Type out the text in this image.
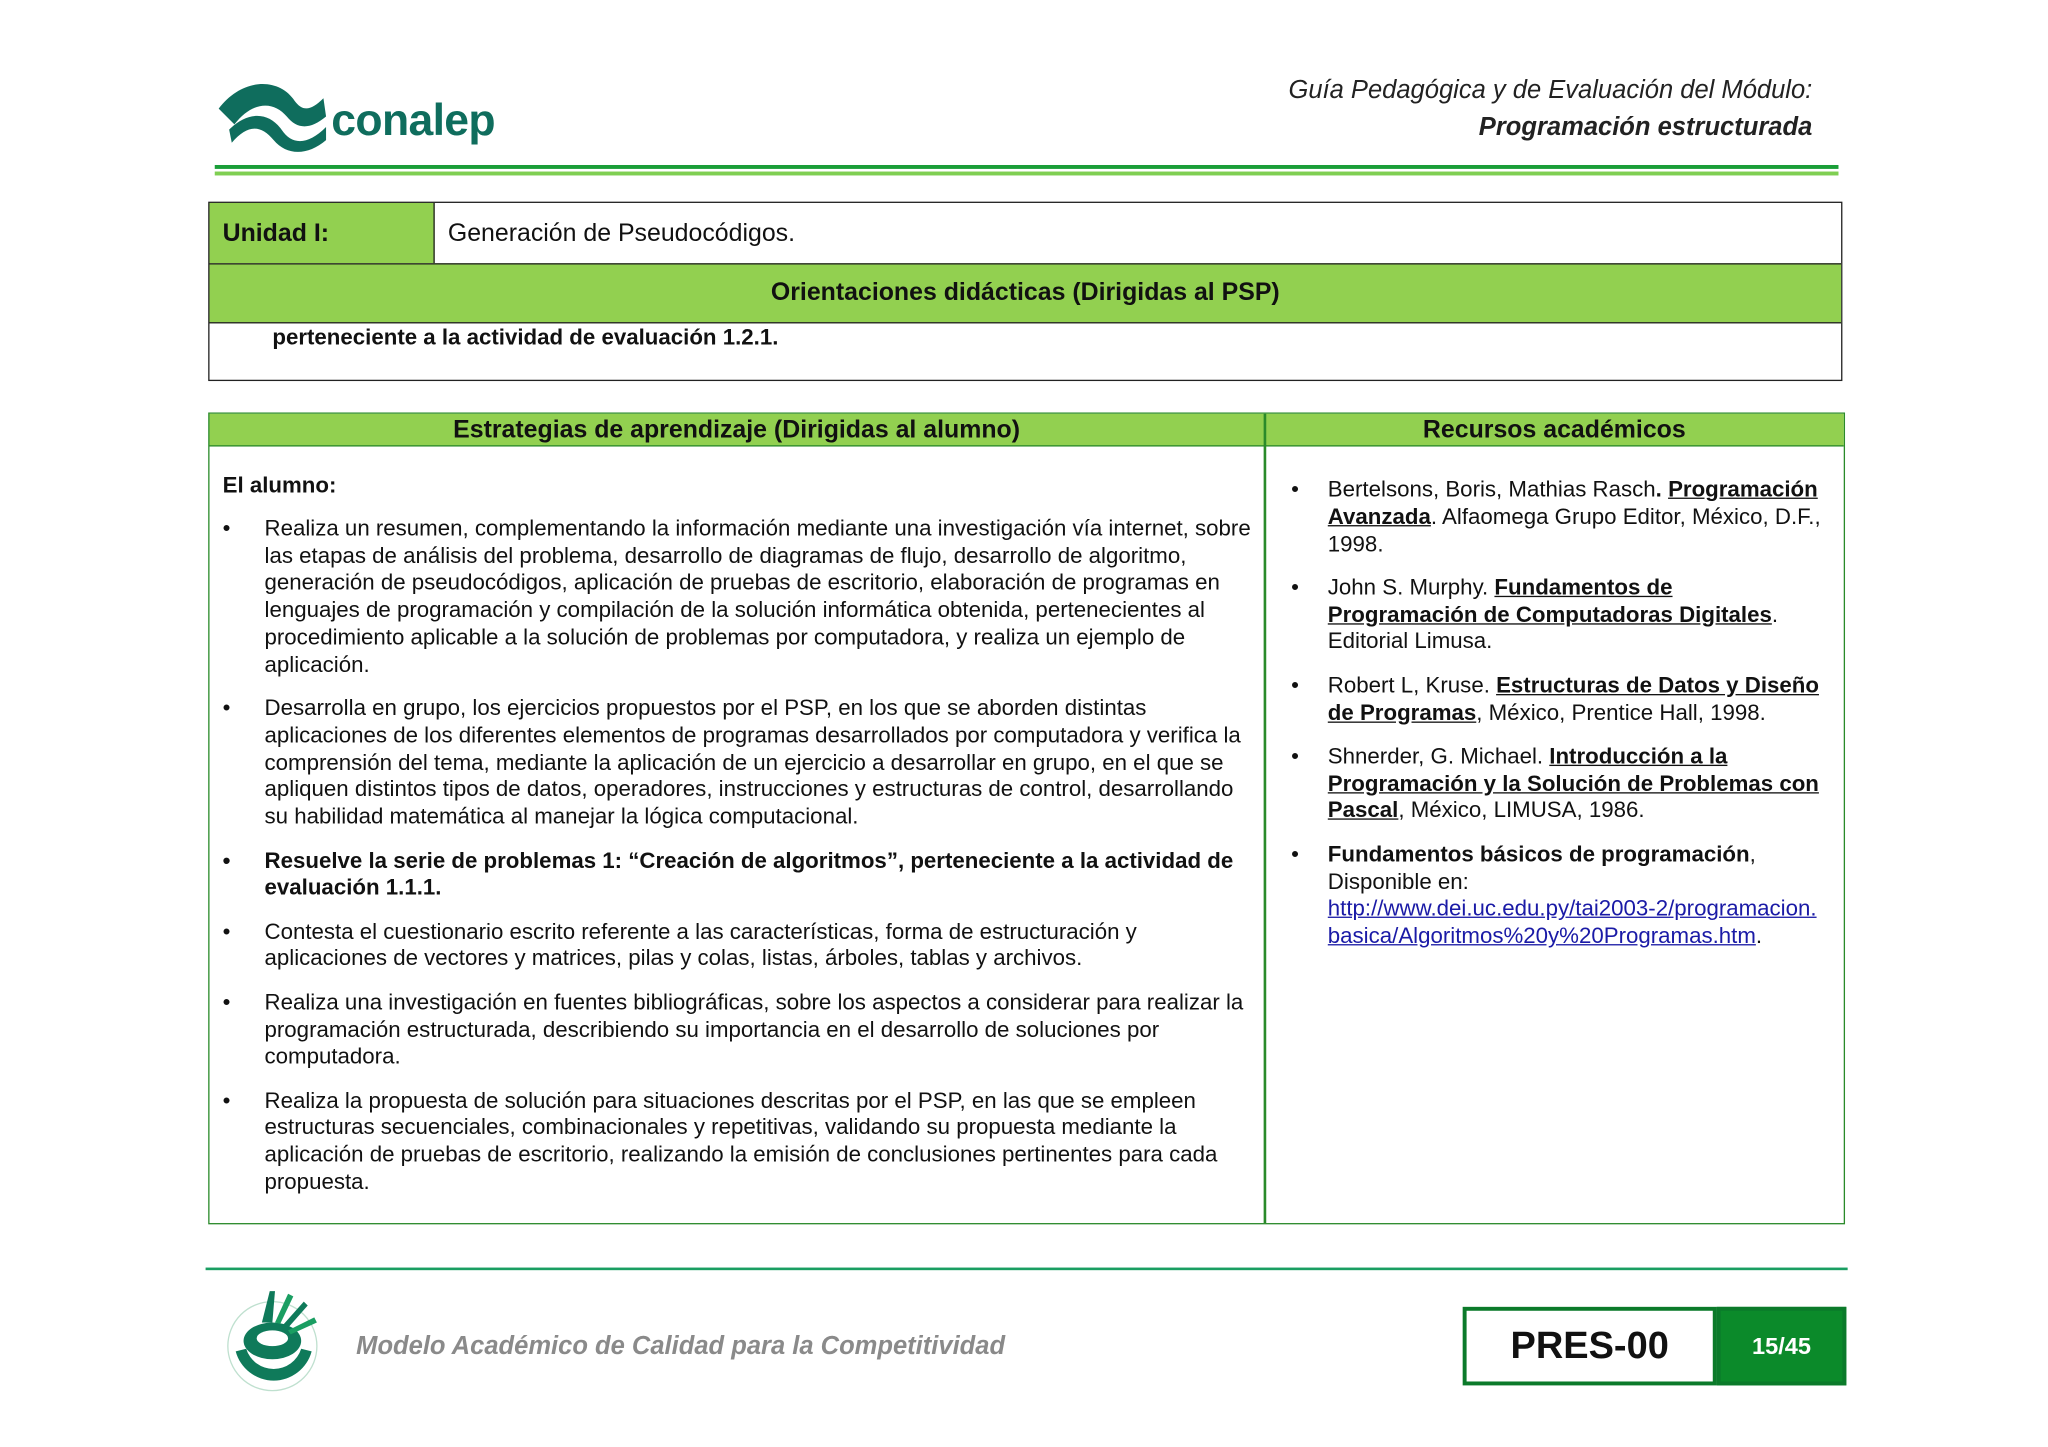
conalep
Guía Pedagógica y de Evaluación del Módulo:
Programación estructurada
Unidad I:	Generación de Pseudocódigos.
Orientaciones didácticas (Dirigidas al PSP)
perteneciente a la actividad de evaluación 1.2.1.
Estrategias de aprendizaje (Dirigidas al alumno)	Recursos académicos
El alumno:
• Realiza un resumen, complementando la información mediante una investigación vía internet, sobre las etapas de análisis del problema, desarrollo de diagramas de flujo, desarrollo de algoritmo, generación de pseudocódigos, aplicación de pruebas de escritorio, elaboración de programas en lenguajes de programación y compilación de la solución informática obtenida, pertenecientes al procedimiento aplicable a la solución de problemas por computadora, y realiza un ejemplo de aplicación.
• Desarrolla en grupo, los ejercicios propuestos por el PSP, en los que se aborden distintas aplicaciones de los diferentes elementos de programas desarrollados por computadora y verifica la comprensión del tema, mediante la aplicación de un ejercicio a desarrollar en grupo, en el que se apliquen distintos tipos de datos, operadores, instrucciones y estructuras de control, desarrollando su habilidad matemática al manejar la lógica computacional.
• Resuelve la serie de problemas 1: “Creación de algoritmos”, perteneciente a la actividad de evaluación 1.1.1.
• Contesta el cuestionario escrito referente a las características, forma de estructuración y aplicaciones de vectores y matrices, pilas y colas, listas, árboles, tablas y archivos.
• Realiza una investigación en fuentes bibliográficas, sobre los aspectos a considerar para realizar la programación estructurada, describiendo su importancia en el desarrollo de soluciones por computadora.
• Realiza la propuesta de solución para situaciones descritas por el PSP, en las que se empleen estructuras secuenciales, combinacionales y repetitivas, validando su propuesta mediante la aplicación de pruebas de escritorio, realizando la emisión de conclusiones pertinentes para cada propuesta.
• Bertelsons, Boris, Mathias Rasch. Programación Avanzada. Alfaomega Grupo Editor, México, D.F., 1998.
• John S. Murphy. Fundamentos de Programación de Computadoras Digitales. Editorial Limusa.
• Robert L, Kruse. Estructuras de Datos y Diseño de Programas, México, Prentice Hall, 1998.
• Shnerder, G. Michael. Introducción a la Programación y la Solución de Problemas con Pascal, México, LIMUSA, 1986.
• Fundamentos básicos de programación,
Disponible en:
http://www.dei.uc.edu.py/tai2003-2/programacion.basica/Algoritmos%20y%20Programas.htm.
Modelo Académico de Calidad para la Competitividad	PRES-00	15/45
